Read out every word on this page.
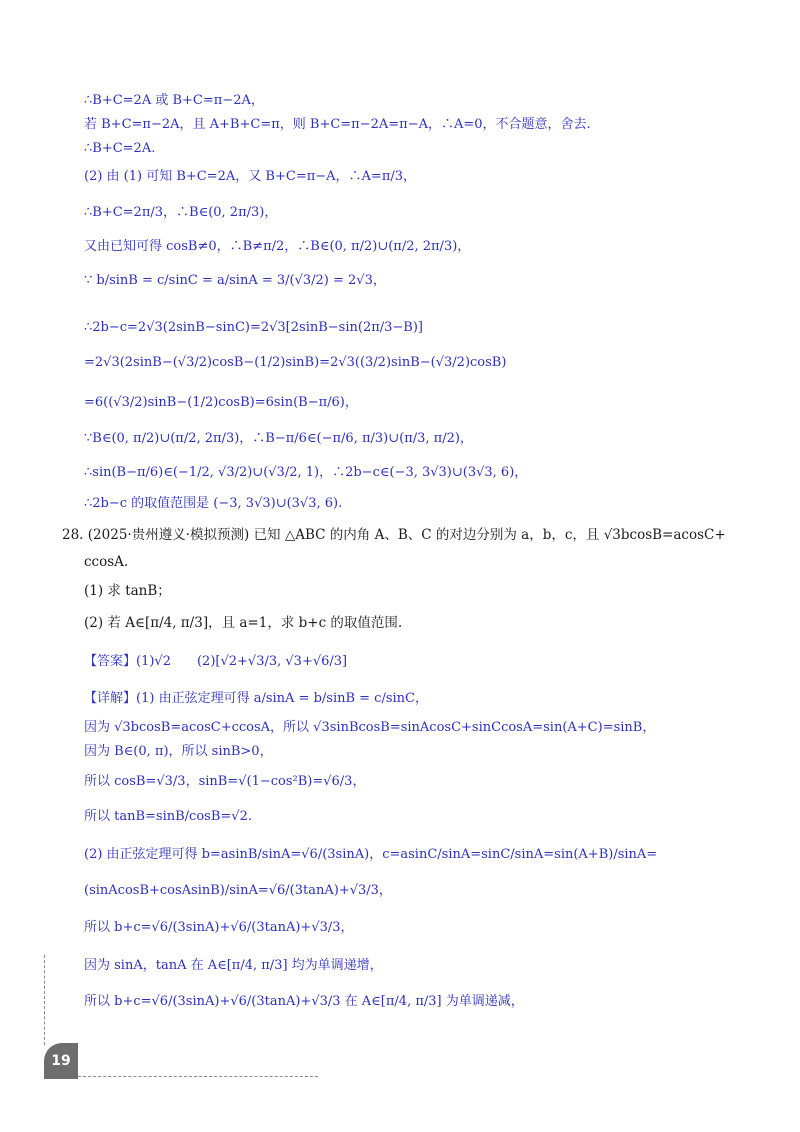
∴B+C=2A 或 B+C=π−2A，
若 B+C=π−2A，且 A+B+C=π，则 B+C=π−2A=π−A，∴A=0，不合题意，舍去.
∴B+C=2A.
(2) 由 (1) 可知 B+C=2A，又 B+C=π−A，∴A=π/3，
∴B+C=2π/3，∴B∈(0, 2π/3)，
又由已知可得 cosB≠0，∴B≠π/2，∴B∈(0, π/2)∪(π/2, 2π/3)，
∵ b/sinB = c/sinC = a/sinA = 3/(√3/2) = 2√3，
∴2b−c=2√3(2sinB−sinC)=2√3[2sinB−sin(2π/3−B)]
=2√3(2sinB−(√3/2)cosB−(1/2)sinB)=2√3((3/2)sinB−(√3/2)cosB)
=6((√3/2)sinB−(1/2)cosB)=6sin(B−π/6)，
∵B∈(0, π/2)∪(π/2, 2π/3)，∴B−π/6∈(−π/6, π/3)∪(π/3, π/2)，
∴sin(B−π/6)∈(−1/2, √3/2)∪(√3/2, 1)，∴2b−c∈(−3, 3√3)∪(3√3, 6)，
∴2b−c 的取值范围是 (−3, 3√3)∪(3√3, 6).
28. (2025·贵州遵义·模拟预测) 已知 △ABC 的内角 A、B、C 的对边分别为 a，b，c，且 √3bcosB=acosC+
ccosA.
(1) 求 tanB；
(2) 若 A∈[π/4, π/3]，且 a=1，求 b+c 的取值范围.
【答案】(1)√2　　(2)[√2+√3/3, √3+√6/3]
【详解】(1) 由正弦定理可得 a/sinA = b/sinB = c/sinC，
因为 √3bcosB=acosC+ccosA，所以 √3sinBcosB=sinAcosC+sinCcosA=sin(A+C)=sinB，
因为 B∈(0, π)，所以 sinB>0，
所以 cosB=√3/3，sinB=√(1−cos²B)=√6/3，
所以 tanB=sinB/cosB=√2.
(2) 由正弦定理可得 b=asinB/sinA=√6/(3sinA)，c=asinC/sinA=sinC/sinA=sin(A+B)/sinA=
(sinAcosB+cosAsinB)/sinA=√6/(3tanA)+√3/3，
所以 b+c=√6/(3sinA)+√6/(3tanA)+√3/3，
因为 sinA，tanA 在 A∈[π/4, π/3] 均为单调递增，
所以 b+c=√6/(3sinA)+√6/(3tanA)+√3/3 在 A∈[π/4, π/3] 为单调递减，
19
